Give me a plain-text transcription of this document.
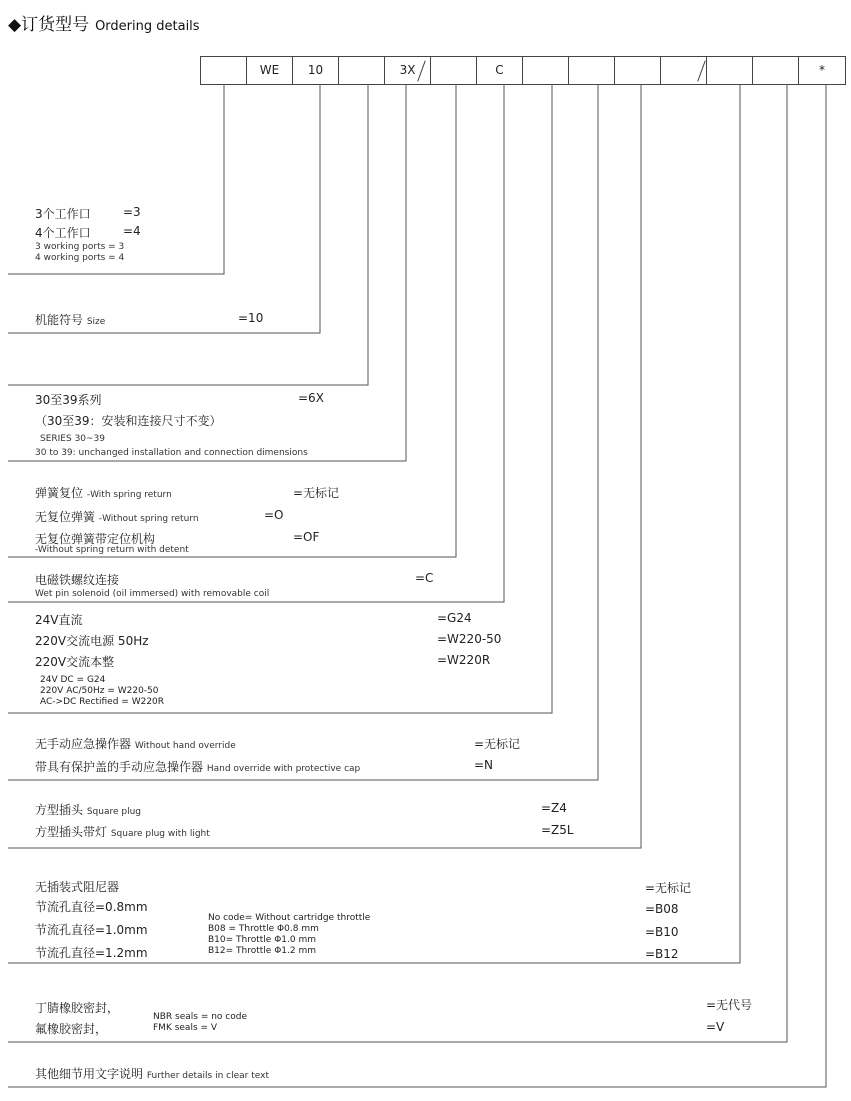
◆订货型号 Ordering details
WE	10	3X	C	*
3个工作口	=3
4个工作口	=4
3 working ports = 3
4 working ports = 4
机能符号 Size	=10
30至39系列	=6X
（30至39：安装和连接尺寸不变）
SERIES 30~39
30 to 39: unchanged installation and connection dimensions
弹簧复位 -With spring return	=无标记
无复位弹簧 -Without spring return	=O
无复位弹簧带定位机构	=OF
-Without spring return with detent
电磁铁螺纹连接	=C
Wet pin solenoid (oil immersed) with removable coil
24V直流	=G24
220V交流电源 50Hz	=W220-50
220V交流本整	=W220R
24V DC = G24
220V AC/50Hz = W220-50
AC->DC Rectified = W220R
无手动应急操作器 Without hand override	=无标记
带具有保护盖的手动应急操作器 Hand override with protective cap	=N
方型插头 Square plug	=Z4
方型插头带灯 Square plug with light	=Z5L
无插装式阻尼器	=无标记
节流孔直径=0.8mm	=B08
节流孔直径=1.0mm	=B10
节流孔直径=1.2mm	=B12
No code= Without cartridge throttle
B08 = Throttle Φ0.8 mm
B10= Throttle Φ1.0 mm
B12= Throttle Φ1.2 mm
丁腈橡胶密封，	=无代号
氟橡胶密封，	=V
NBR seals = no code
FMK seals = V
其他细节用文字说明 Further details in clear text
